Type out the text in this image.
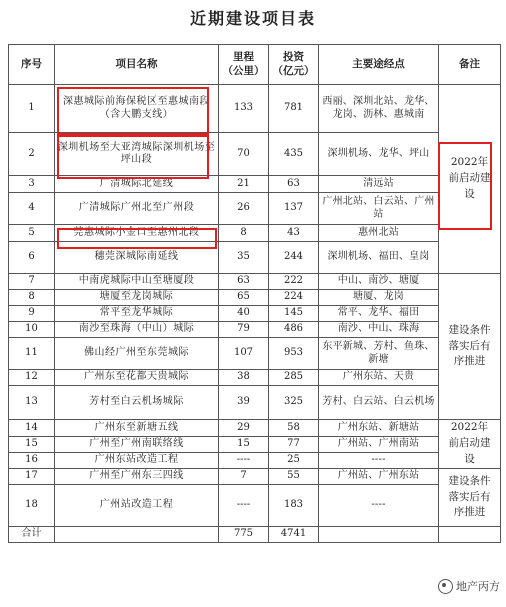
近期建设项目表
序号	项目名称	里程
（公里）	投资
（亿元）	主要途经点	备注
1	深惠城际前海保税区至惠城南段（含大鹏支线）	133	781	西丽、深圳北站、龙华、龙岗、沥林、惠城南	2022年前启动建设
2	深圳机场至大亚湾城际深圳机场至坪山段	70	435	深圳机场、龙华、坪山	
3	广清城际北延线	21	63	清远站	
4	广清城际广州北至广州段	26	137	广州北站、白云站、广州站	
5	莞惠城际小金口至惠州北段	8	43	惠州北站	
6	穗莞深城际南延线	35	244	深圳机场、福田、皇岗	
7	中南虎城际中山至塘厦段	63	222	中山、南沙、塘厦	建设条件落实后有序推进
8	塘厦至龙岗城际	65	224	塘厦、龙岗	
9	常平至龙华城际	40	145	常平、龙华、福田	
10	南沙至珠海（中山）城际	79	486	南沙、中山、珠海	
11	佛山经广州至东莞城际	107	953	东平新城、芳村、鱼珠、新塘	
12	广州东至花都天贵城际	38	285	广州东站、天贵	
13	芳村至白云机场城际	39	325	芳村、白云站、白云机场	
14	广州东至新塘五线	29	58	广州东站、新塘站	2022年前启动建设
15	广州至广州南联络线	15	77	广州站、广州南站	
16	广州东站改造工程	----	25	----	
17	广州至广州东三四线	7	55	广州站、广州东站	建设条件落实后有序推进
18	广州站改造工程	----	183	----	
合计		775	4741		
地产丙方
